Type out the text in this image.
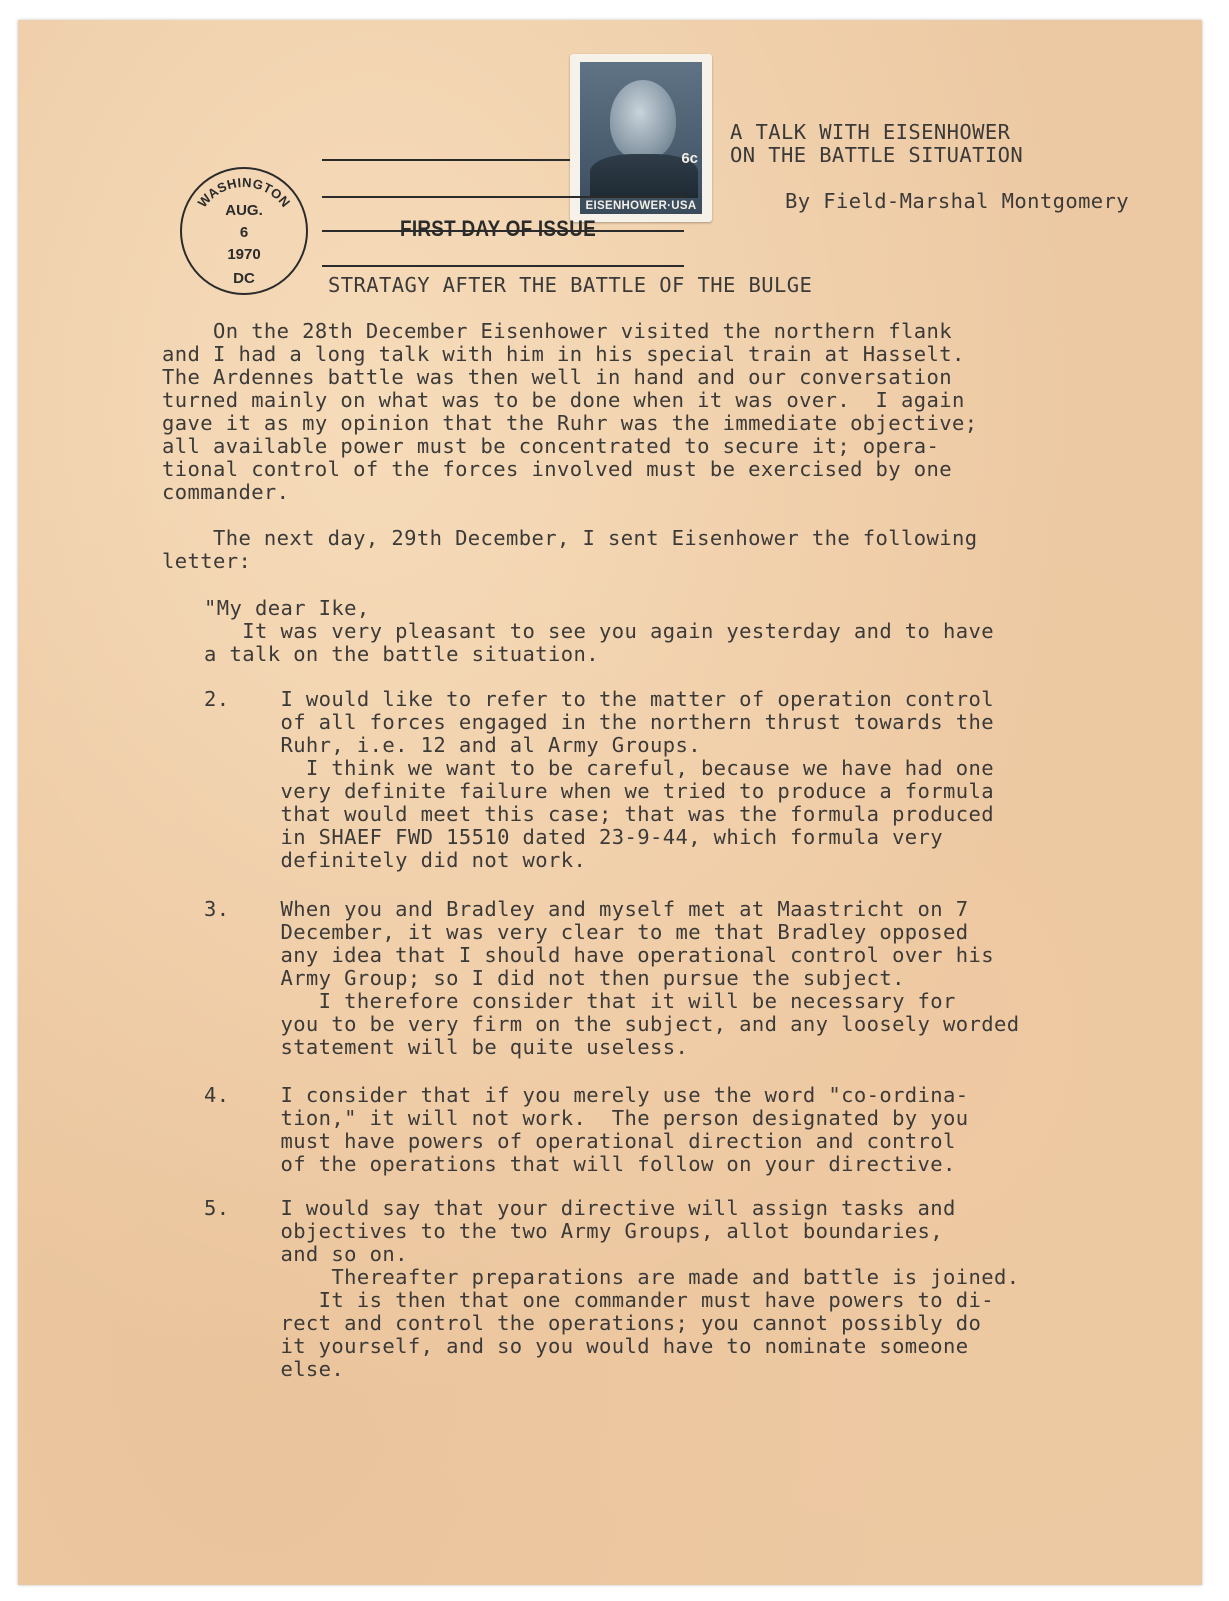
6c
EISENHOWER·USA
FIRST DAY OF ISSUE
WASHINGTON
AUG.
6
1970
DC
A TALK WITH EISENHOWER
ON THE BATTLE SITUATION
By Field-Marshal Montgomery
STRATAGY AFTER THE BATTLE OF THE BULGE
On the 28th December Eisenhower visited the northern flank
and I had a long talk with him in his special train at Hasselt.
The Ardennes battle was then well in hand and our conversation
turned mainly on what was to be done when it was over.  I again
gave it as my opinion that the Ruhr was the immediate objective;
all available power must be concentrated to secure it; opera-
tional control of the forces involved must be exercised by one
commander.
The next day, 29th December, I sent Eisenhower the following
letter:
"My dear Ike,
It was very pleasant to see you again yesterday and to have
a talk on the battle situation.
2.    I would like to refer to the matter of operation control
of all forces engaged in the northern thrust towards the
Ruhr, i.e. 12 and al Army Groups.
I think we want to be careful, because we have had one
very definite failure when we tried to produce a formula
that would meet this case; that was the formula produced
in SHAEF FWD 15510 dated 23-9-44, which formula very
definitely did not work.
3.    When you and Bradley and myself met at Maastricht on 7
December, it was very clear to me that Bradley opposed
any idea that I should have operational control over his
Army Group; so I did not then pursue the subject.
I therefore consider that it will be necessary for
you to be very firm on the subject, and any loosely worded
statement will be quite useless.
4.    I consider that if you merely use the word "co-ordina-
tion," it will not work.  The person designated by you
must have powers of operational direction and control
of the operations that will follow on your directive.
5.    I would say that your directive will assign tasks and
objectives to the two Army Groups, allot boundaries,
and so on.
Thereafter preparations are made and battle is joined.
It is then that one commander must have powers to di-
rect and control the operations; you cannot possibly do
it yourself, and so you would have to nominate someone
else.
